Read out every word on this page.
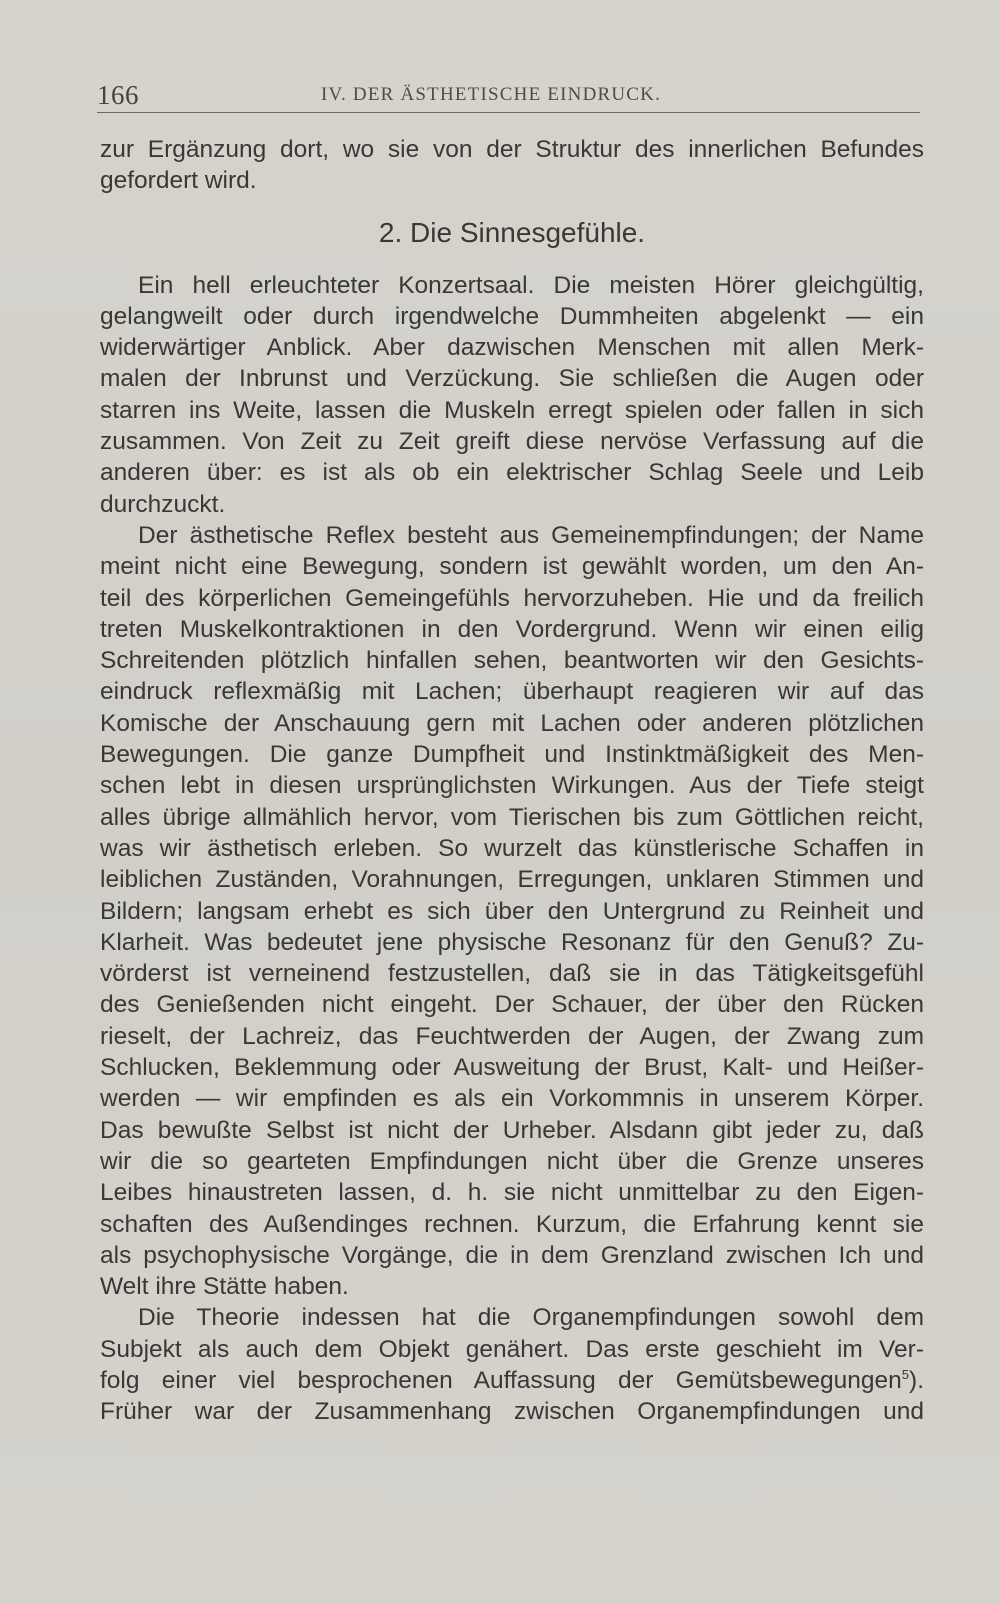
166	IV. DER ÄSTHETISCHE EINDRUCK.
zur Ergänzung dort, wo sie von der Struktur des innerlichen Befundes
gefordert wird.
2. Die Sinnesgefühle.
Ein hell erleuchteter Konzertsaal. Die meisten Hörer gleichgültig,
gelangweilt oder durch irgendwelche Dummheiten abgelenkt — ein
widerwärtiger Anblick. Aber dazwischen Menschen mit allen Merk-
malen der Inbrunst und Verzückung. Sie schließen die Augen oder
starren ins Weite, lassen die Muskeln erregt spielen oder fallen in sich
zusammen. Von Zeit zu Zeit greift diese nervöse Verfassung auf die
anderen über: es ist als ob ein elektrischer Schlag Seele und Leib
durchzuckt.
Der ästhetische Reflex besteht aus Gemeinempfindungen; der Name
meint nicht eine Bewegung, sondern ist gewählt worden, um den An-
teil des körperlichen Gemeingefühls hervorzuheben. Hie und da freilich
treten Muskelkontraktionen in den Vordergrund. Wenn wir einen eilig
Schreitenden plötzlich hinfallen sehen, beantworten wir den Gesichts-
eindruck reflexmäßig mit Lachen; überhaupt reagieren wir auf das
Komische der Anschauung gern mit Lachen oder anderen plötzlichen
Bewegungen. Die ganze Dumpfheit und Instinktmäßigkeit des Men-
schen lebt in diesen ursprünglichsten Wirkungen. Aus der Tiefe steigt
alles übrige allmählich hervor, vom Tierischen bis zum Göttlichen reicht,
was wir ästhetisch erleben. So wurzelt das künstlerische Schaffen in
leiblichen Zuständen, Vorahnungen, Erregungen, unklaren Stimmen und
Bildern; langsam erhebt es sich über den Untergrund zu Reinheit und
Klarheit. Was bedeutet jene physische Resonanz für den Genuß? Zu-
vörderst ist verneinend festzustellen, daß sie in das Tätigkeitsgefühl
des Genießenden nicht eingeht. Der Schauer, der über den Rücken
rieselt, der Lachreiz, das Feuchtwerden der Augen, der Zwang zum
Schlucken, Beklemmung oder Ausweitung der Brust, Kalt- und Heißer-
werden — wir empfinden es als ein Vorkommnis in unserem Körper.
Das bewußte Selbst ist nicht der Urheber. Alsdann gibt jeder zu, daß
wir die so gearteten Empfindungen nicht über die Grenze unseres
Leibes hinaustreten lassen, d. h. sie nicht unmittelbar zu den Eigen-
schaften des Außendinges rechnen. Kurzum, die Erfahrung kennt sie
als psychophysische Vorgänge, die in dem Grenzland zwischen Ich und
Welt ihre Stätte haben.
Die Theorie indessen hat die Organempfindungen sowohl dem
Subjekt als auch dem Objekt genähert. Das erste geschieht im Ver-
folg einer viel besprochenen Auffassung der Gemütsbewegungen$^5$).
Früher war der Zusammenhang zwischen Organempfindungen und
